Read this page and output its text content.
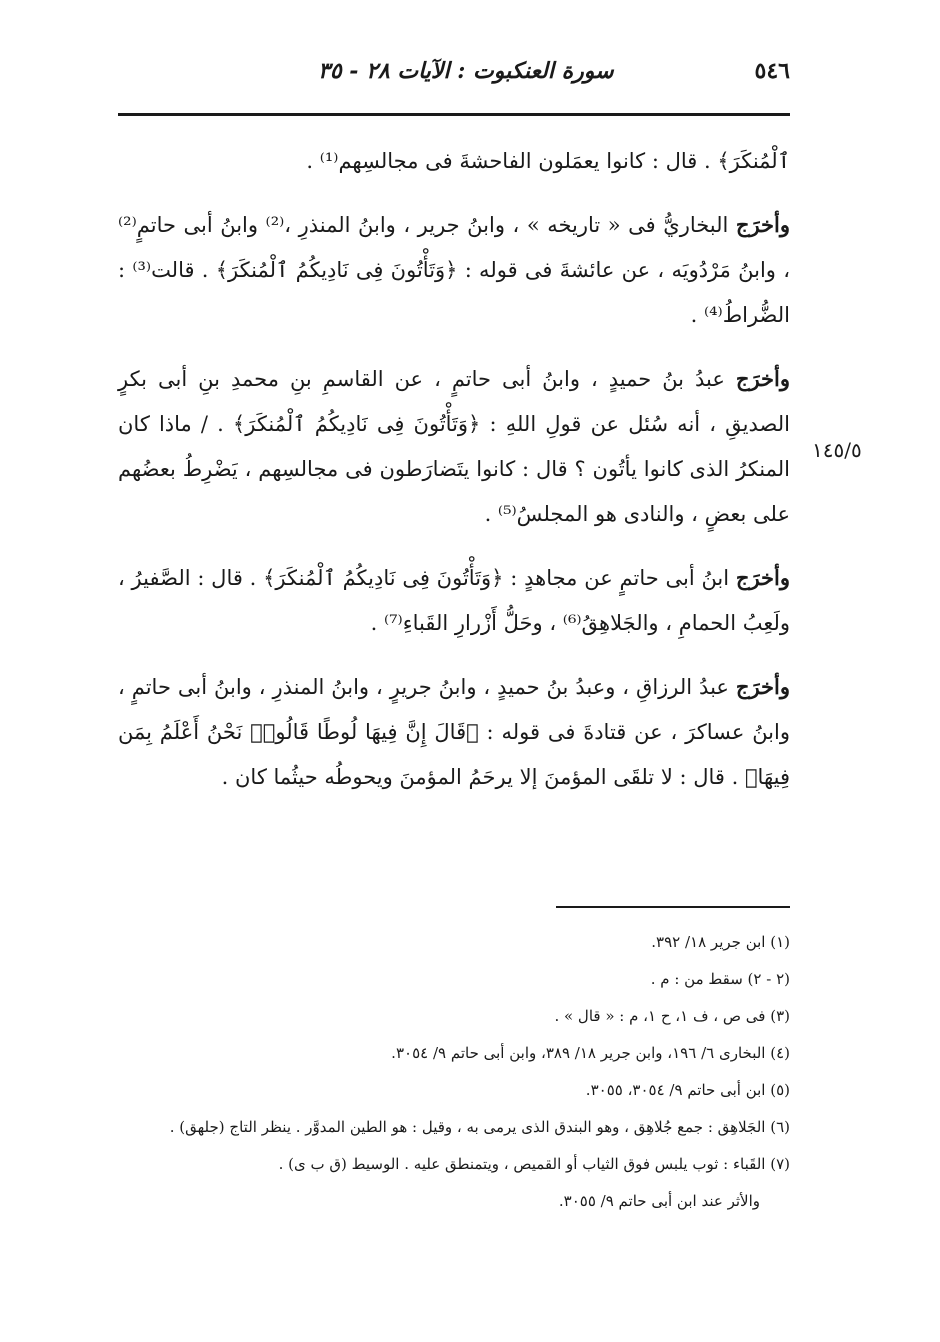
٥٤٦
سورة العنكبوت : الآيات ٢٨ - ٣٥
١٤٥/٥

ٱلْمُنكَرَ﴾ . قال : كانوا يعمَلون الفاحشةَ فى مجالسِهم⁽¹⁾ .

وأخرَج البخاريُّ فى « تاريخه » ، وابنُ جرير ، وابنُ المنذرِ ،⁽²⁾ وابنُ أبى حاتمٍ⁽²⁾ ، وابنُ مَرْدُويَه ، عن عائشةَ فى قوله : ﴿وَتَأْتُونَ فِى نَادِيكُمُ ٱلْمُنكَرَ﴾ . قالت⁽³⁾ : الضُّراطُ⁽⁴⁾ .

وأخرَج عبدُ بنُ حميدٍ ، وابنُ أبى حاتمٍ ، عن القاسمِ بنِ محمدِ بنِ أبى بكرٍ الصديقِ ، أنه سُئل عن قولِ اللهِ : ﴿وَتَأْتُونَ فِى نَادِيكُمُ ٱلْمُنكَرَ﴾ . / ماذا كان المنكرُ الذى كانوا يأتُون ؟ قال : كانوا يتَضارَطون فى مجالسِهم ، يَضْرِطُ بعضُهم على بعضٍ ، والنادى هو المجلسُ⁽⁵⁾ .

وأخرَج ابنُ أبى حاتمٍ عن مجاهدٍ : ﴿وَتَأْتُونَ فِى نَادِيكُمُ ٱلْمُنكَرَ﴾ . قال : الصَّفيرُ ، ولَعِبُ الحمامِ ، والجَلاهِقُ⁽⁶⁾ ، وحَلُّ أَزْرارِ القَباءِ⁽⁷⁾ .

وأخرَج عبدُ الرزاقِ ، وعبدُ بنُ حميدٍ ، وابنُ جريرٍ ، وابنُ المنذرِ ، وابنُ أبى حاتمٍ ، وابنُ عساكرَ ، عن قتادةَ فى قوله : ﴿قَالَ إِنَّ فِيهَا لُوطًا قَالُوا۟ نَحْنُ أَعْلَمُ بِمَن فِيهَا﴾ . قال : لا تلقَى المؤمنَ إلا يرحَمُ المؤمنَ ويحوطُه حيثُما كان .

(١) ابن جرير ١٨/ ٣٩٢.

(٢ - ٢) سقط من : م .

(٣) فى ص ، ف ١، ح ١، م : « قال » .

(٤) البخارى ٦/ ١٩٦، وابن جرير ١٨/ ٣٨٩، وابن أبى حاتم ٩/ ٣٠٥٤.

(٥) ابن أبى حاتم ٩/ ٣٠٥٤، ٣٠٥٥.

(٦) الجَلاهِق : جمع جُلاهِق ، وهو البندق الذى يرمى به ، وقيل : هو الطين المدوَّر . ينظر التاج (جلهق) .

(٧) القَباء : ثوب يلبس فوق الثياب أو القميص ، ويتمنطق عليه . الوسيط (ق ب ى) .

والأثر عند ابن أبى حاتم ٩/ ٣٠٥٥.
